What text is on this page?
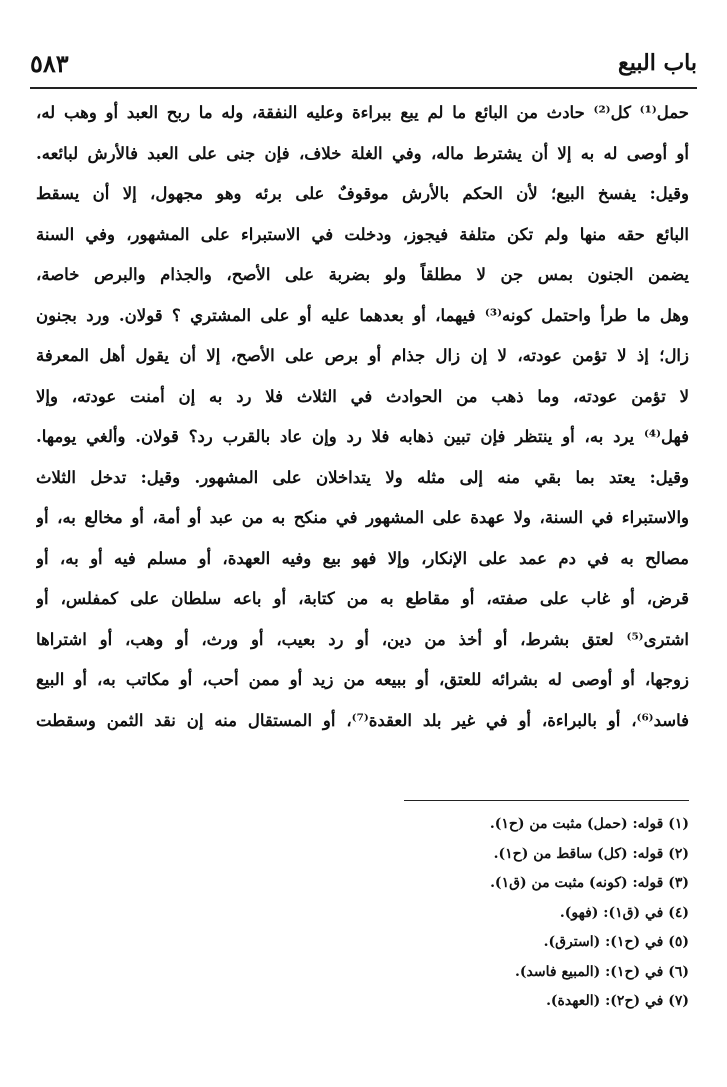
باب البيع
٥٨٣
حمل⁽¹⁾ كل⁽²⁾ حادث من البائع ما لم يبع ببراءة وعليه النفقة، وله ما ربح العبد أو وهب له،
أو أوصى له به إلا أن يشترط ماله، وفي الغلة خلاف، فإن جنى على العبد فالأرش لبائعه.
وقيل: يفسخ البيع؛ لأن الحكم بالأرش موقوفٌ على برئه وهو مجهول، إلا أن يسقط
البائع حقه منها ولم تكن متلفة فيجوز، ودخلت في الاستبراء على المشهور، وفي السنة
يضمن الجنون بمس جن لا مطلقاً ولو بضربة على الأصح، والجذام والبرص خاصة،
وهل ما طرأ واحتمل كونه⁽³⁾ فيهما، أو بعدهما عليه أو على المشتري ؟ قولان. ورد بجنون
زال؛ إذ لا تؤمن عودته، لا إن زال جذام أو برص على الأصح، إلا أن يقول أهل المعرفة
لا تؤمن عودته، وما ذهب من الحوادث في الثلاث فلا رد به إن أمنت عودته، وإلا
فهل⁽⁴⁾ يرد به، أو ينتظر فإن تبين ذهابه فلا رد وإن عاد بالقرب رد؟ قولان. وألغي يومها.
وقيل: يعتد بما بقي منه إلى مثله ولا يتداخلان على المشهور. وقيل: تدخل الثلاث
والاستبراء في السنة، ولا عهدة على المشهور في منكح به من عبد أو أمة، أو مخالع به، أو
مصالح به في دم عمد على الإنكار، وإلا فهو بيع وفيه العهدة، أو مسلم فيه أو به، أو
قرض، أو غاب على صفته، أو مقاطع به من كتابة، أو باعه سلطان على كمفلس، أو
اشترى⁽⁵⁾ لعتق بشرط، أو أخذ من دين، أو رد بعيب، أو ورث، أو وهب، أو اشتراها
زوجها، أو أوصى له بشرائه للعتق، أو ببيعه من زيد أو ممن أحب، أو مكاتب به، أو البيع
فاسد⁽⁶⁾، أو بالبراءة، أو في غير بلد العقدة⁽⁷⁾، أو المستقال منه إن نقد الثمن وسقطت
(١) قوله: (حمل) مثبت من (ح١).
(٢) قوله: (كل) ساقط من (ح١).
(٣) قوله: (كونه) مثبت من (ق١).
(٤) في (ق١): (فهو).
(٥) في (ح١): (استرق).
(٦) في (ح١): (المبيع فاسد).
(٧) في (ح٢): (العهدة).
